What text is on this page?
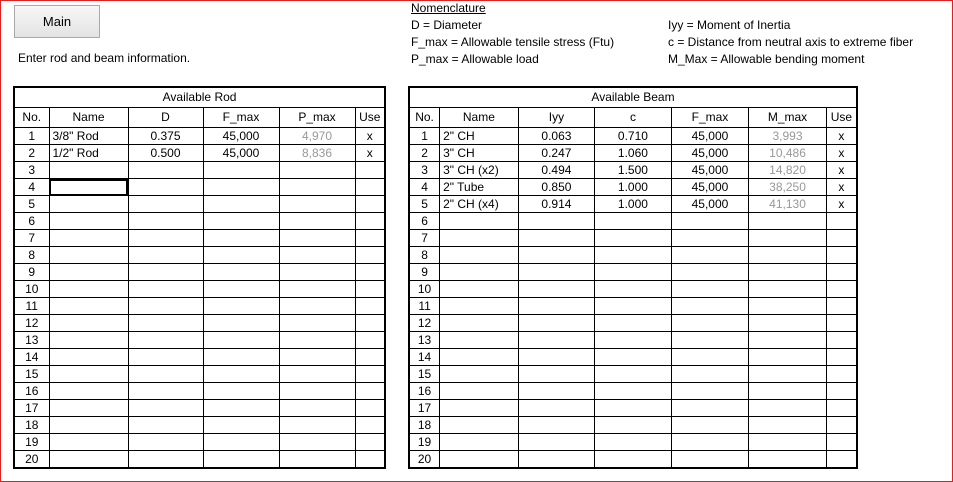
Main
Enter rod and beam information.
Nomenclature
D = Diameter
F_max = Allowable tensile stress (Ftu)
P_max = Allowable load
Iyy = Moment of Inertia
c = Distance from neutral axis to extreme fiber
M_Max = Allowable bending moment
Available Rod					
No.	Name	D	F_max	P_max	Use
1	3/8" Rod	0.375	45,000	4,970	x
2	1/2" Rod	0.500	45,000	8,836	x
3					
4					
5					
6					
7					
8					
9					
10					
11					
12					
13					
14					
15					
16					
17					
18					
19					
20					
Available Beam						
No.	Name	Iyy	c	F_max	M_max	Use
1	2" CH	0.063	0.710	45,000	3,993	x
2	3" CH	0.247	1.060	45,000	10,486	x
3	3" CH (x2)	0.494	1.500	45,000	14,820	x
4	2" Tube	0.850	1.000	45,000	38,250	x
5	2" CH (x4)	0.914	1.000	45,000	41,130	x
6						
7						
8						
9						
10						
11						
12						
13						
14						
15						
16						
17						
18						
19						
20						
